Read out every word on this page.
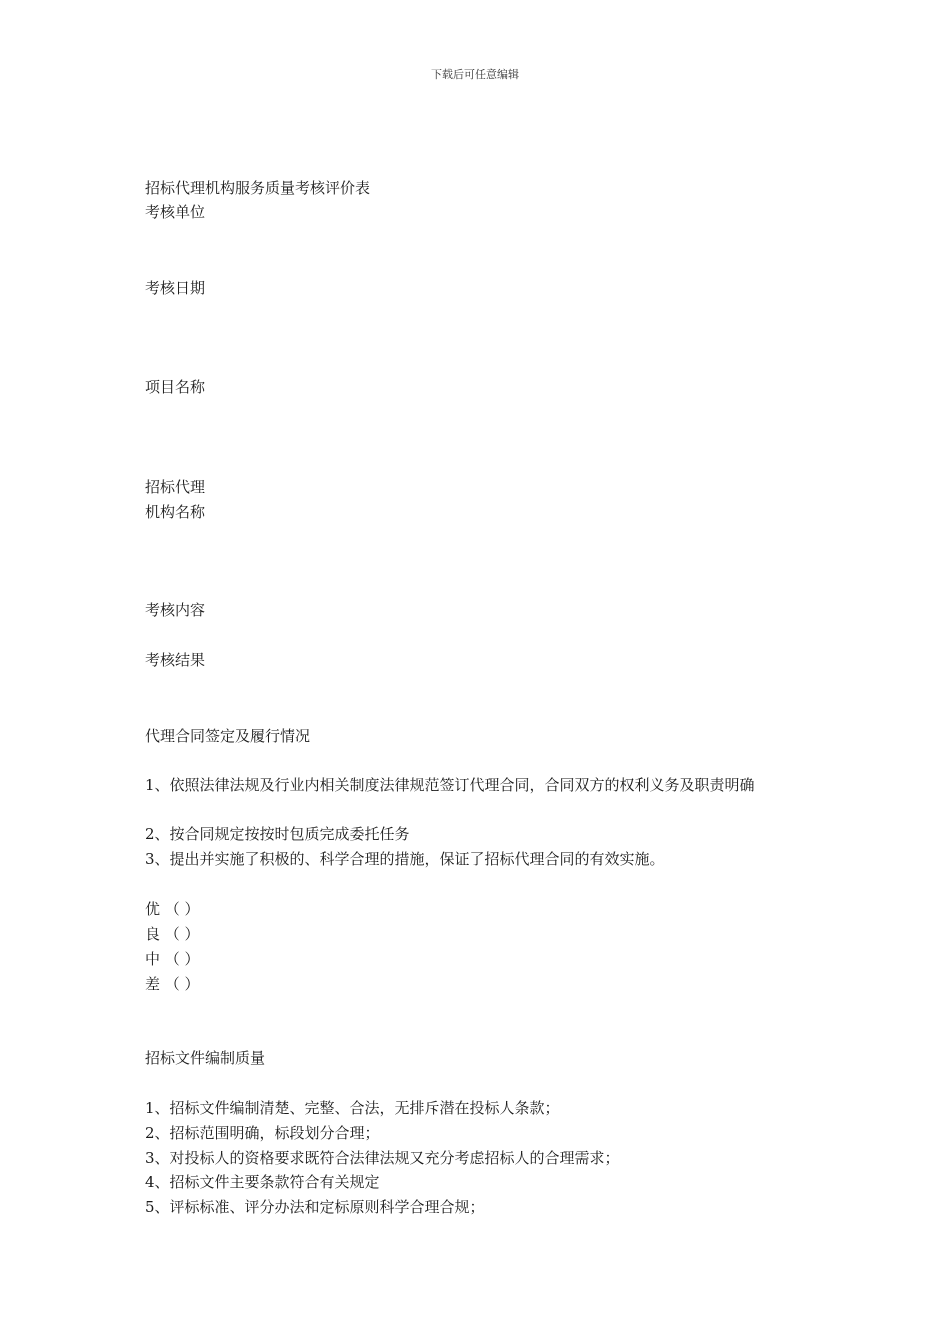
下载后可任意编辑
招标代理机构服务质量考核评价表
考核单位
考核日期
项目名称
招标代理
机构名称
考核内容
考核结果
代理合同签定及履行情况
1、依照法律法规及行业内相关制度法律规范签订代理合同，合同双方的权利义务及职责明确
2、按合同规定按按时包质完成委托任务
3、提出并实施了积极的、科学合理的措施，保证了招标代理合同的有效实施。
优 （ ）
良 （ ）
中 （ ）
差 （ ）
招标文件编制质量
1、招标文件编制清楚、完整、合法，无排斥潜在投标人条款；
2、招标范围明确，标段划分合理；
3、对投标人的资格要求既符合法律法规又充分考虑招标人的合理需求；
4、招标文件主要条款符合有关规定
5、评标标准、评分办法和定标原则科学合理合规；
